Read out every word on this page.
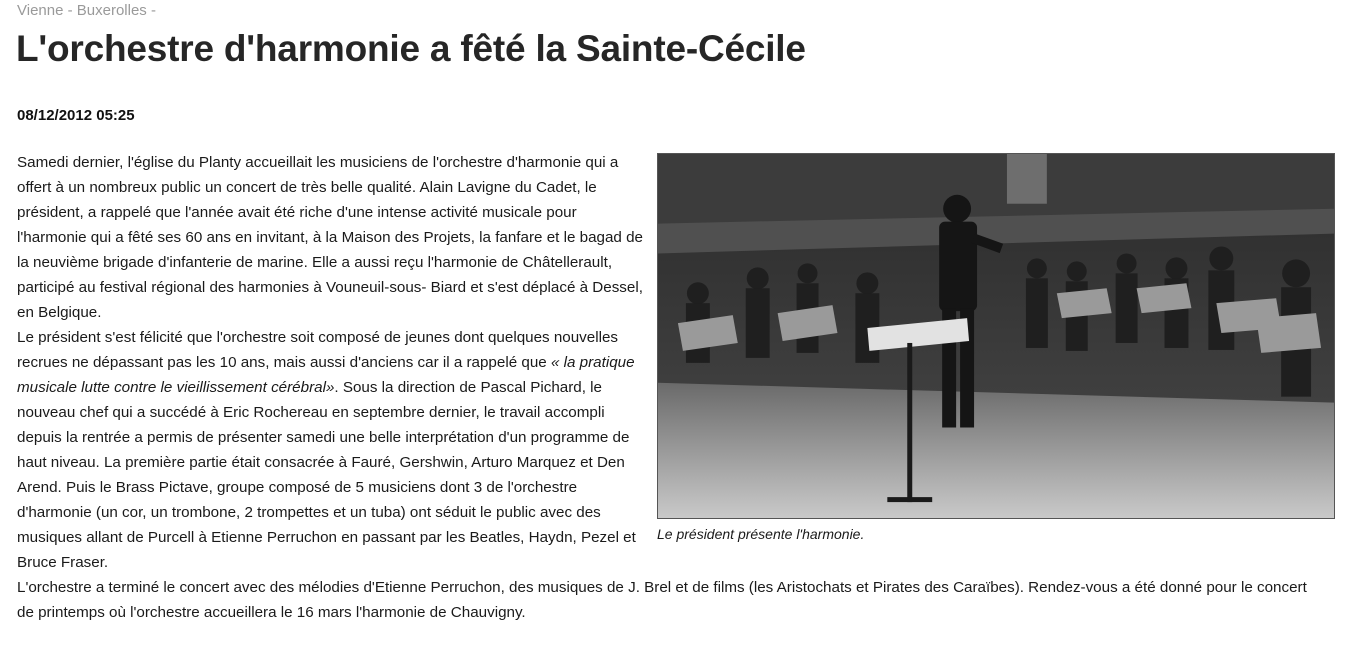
Vienne - Buxerolles -
L'orchestre d'harmonie a fêté la Sainte-Cécile
08/12/2012 05:25
Le président présente l'harmonie.

Samedi dernier, l'église du Planty accueillait les musiciens de l'orchestre d'harmonie qui a offert à un nombreux public un concert de très belle qualité. Alain Lavigne du Cadet, le président, a rappelé que l'année avait été riche d'une intense activité musicale pour l'harmonie qui a fêté ses 60 ans en invitant, à la Maison des Projets, la fanfare et le bagad de la neuvième brigade d'infanterie de marine. Elle a aussi reçu l'harmonie de Châtellerault, participé au festival régional des harmonies à Vouneuil-sous- Biard et s'est déplacé à Dessel, en Belgique.

Le président s'est félicité que l'orchestre soit composé de jeunes dont quelques nouvelles recrues ne dépassant pas les 10 ans, mais aussi d'anciens car il a rappelé que « la pratique musicale lutte contre le vieillissement cérébral». Sous la direction de Pascal Pichard, le nouveau chef qui a succédé à Eric Rochereau en septembre dernier, le travail accompli depuis la rentrée a permis de présenter samedi une belle interprétation d'un programme de haut niveau. La première partie était consacrée à Fauré, Gershwin, Arturo Marquez et Den Arend. Puis le Brass Pictave, groupe composé de 5 musiciens dont 3 de l'orchestre d'harmonie (un cor, un trombone, 2 trompettes et un tuba) ont séduit le public avec des musiques allant de Purcell à Etienne Perruchon en passant par les Beatles, Haydn, Pezel et Bruce Fraser.

L'orchestre a terminé le concert avec des mélodies d'Etienne Perruchon, des musiques de J. Brel et de films (les Aristochats et Pirates des Caraïbes). Rendez-vous a été donné pour le concert de printemps où l'orchestre accueillera le 16 mars l'harmonie de Chauvigny.
